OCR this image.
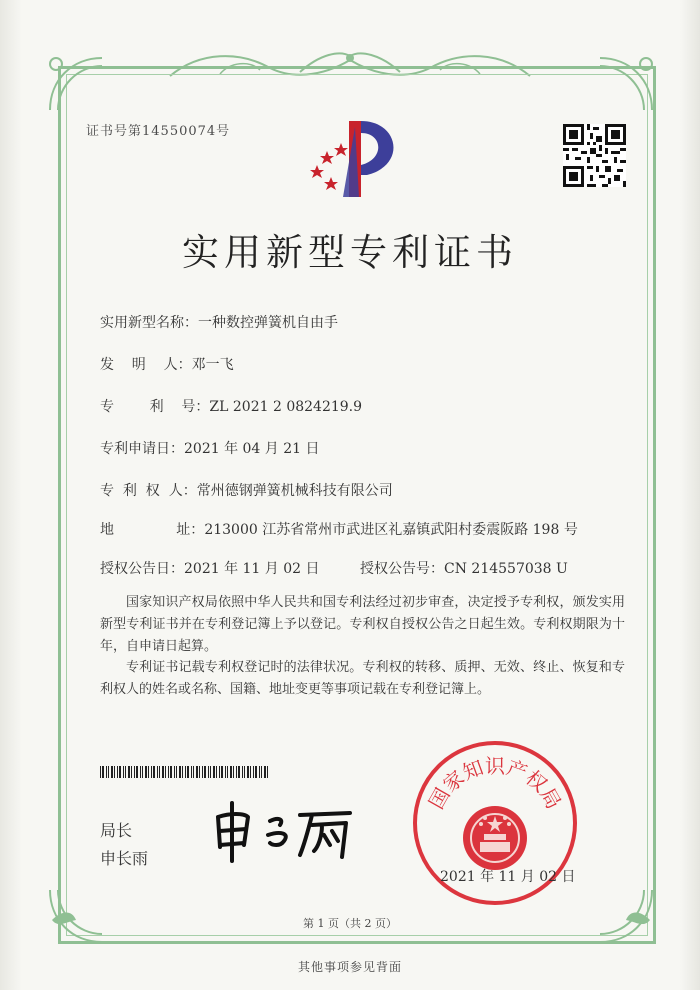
证书号第14550074号
实用新型专利证书
实用新型名称：一种数控弹簧机自由手
发    明    人：邓一飞
专        利    号：ZL 2021 2 0824219.9
专利申请日：2021 年 04 月 21 日
专  利  权  人：常州德钢弹簧机械科技有限公司
地              址：213000 江苏省常州市武进区礼嘉镇武阳村委震阪路 198 号
授权公告日：2021 年 11 月 02 日	授权公告号：CN 214557038 U
国家知识产权局依照中华人民共和国专利法经过初步审查，决定授予专利权，颁发实用新型专利证书并在专利登记簿上予以登记。专利权自授权公告之日起生效。专利权期限为十年，自申请日起算。
专利证书记载专利权登记时的法律状况。专利权的转移、质押、无效、终止、恢复和专利权人的姓名或名称、国籍、地址变更等事项记载在专利登记簿上。
局长
申长雨
国家知识产权局
2021 年 11 月 02 日
第 1 页（共 2 页）
其他事项参见背面
